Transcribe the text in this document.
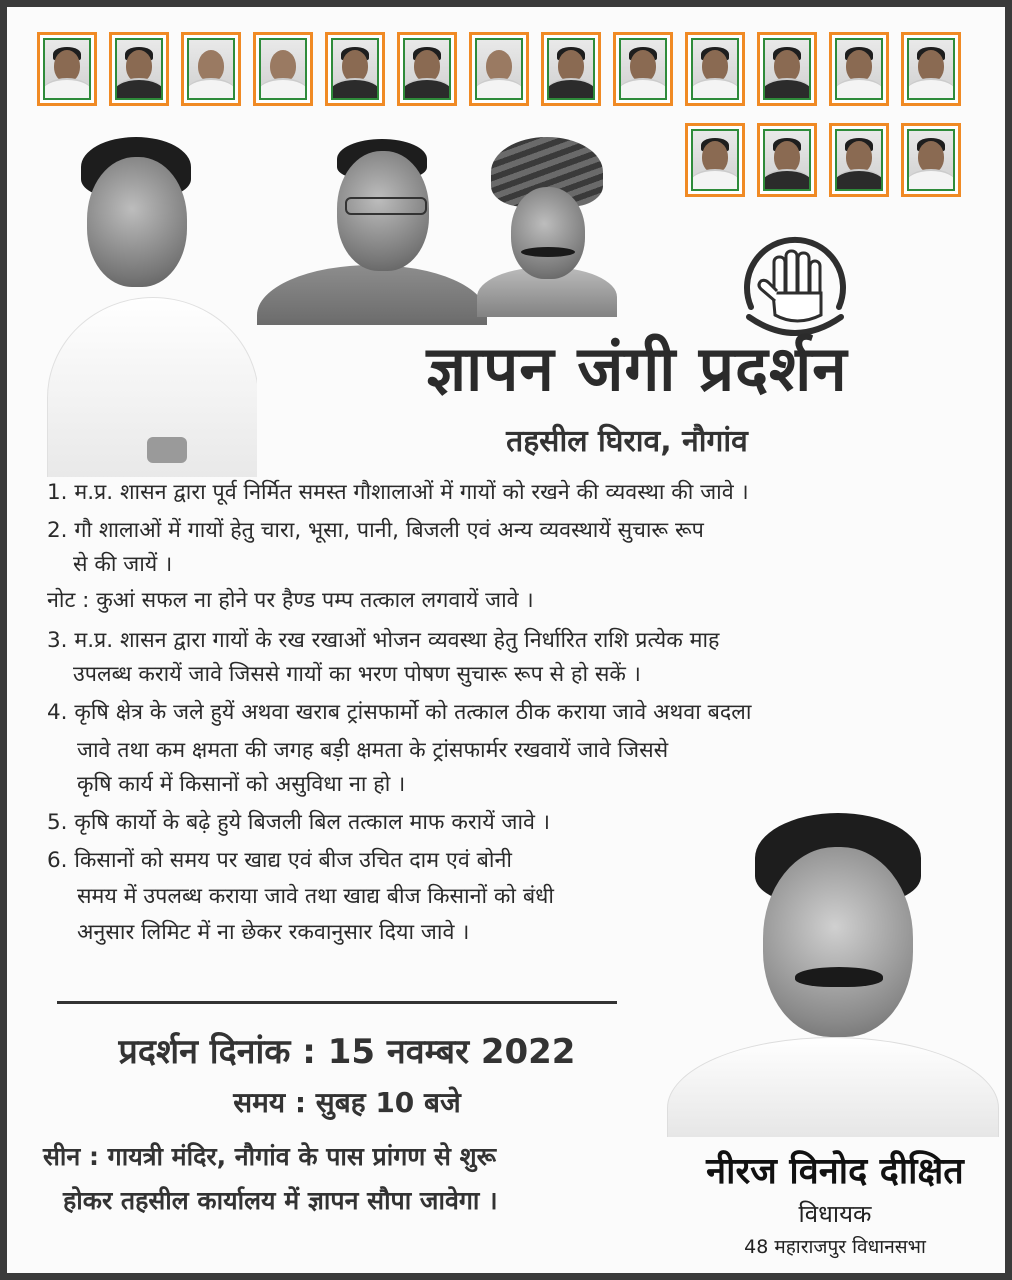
ज्ञापन जंगी प्रदर्शन
तहसील घिराव, नौगांव
1. म.प्र. शासन द्वारा पूर्व निर्मित समस्त गौशालाओं में गायों को रखने की व्यवस्था की जावे ।
2. गौ शालाओं में गायों हेतु चारा, भूसा, पानी, बिजली एवं अन्य व्यवस्थायें सुचारू रूप
से की जायें ।
नोट : कुआं सफल ना होने पर हैण्ड पम्प तत्काल लगवायें जावे ।
3. म.प्र. शासन द्वारा गायों के रख रखाओं भोजन व्यवस्था हेतु निर्धारित राशि प्रत्येक माह
उपलब्ध करायें जावे जिससे गायों का भरण पोषण सुचारू रूप से हो सकें ।
4. कृषि क्षेत्र के जले हुयें अथवा खराब ट्रांसफार्मो को तत्काल ठीक कराया जावे अथवा बदला
जावे तथा कम क्षमता की जगह बड़ी क्षमता के ट्रांसफार्मर रखवायें जावे जिससे
कृषि कार्य में किसानों को असुविधा ना हो ।
5. कृषि कार्यो के बढ़े हुये बिजली बिल तत्काल माफ करायें जावे ।
6. किसानों को समय पर खाद्य एवं बीज उचित दाम एवं बोनी
समय में उपलब्ध कराया जावे तथा खाद्य बीज किसानों को बंधी
अनुसार लिमिट में ना छेकर रकवानुसार दिया जावे ।
प्रदर्शन दिनांक : 15 नवम्बर 2022
समय : सुबह 10 बजे
सीन : गायत्री मंदिर, नौगांव के पास प्रांगण से शुरू
होकर तहसील कार्यालय में ज्ञापन सौपा जावेगा ।
नीरज विनोद दीक्षित
विधायक
48 महाराजपुर विधानसभा
